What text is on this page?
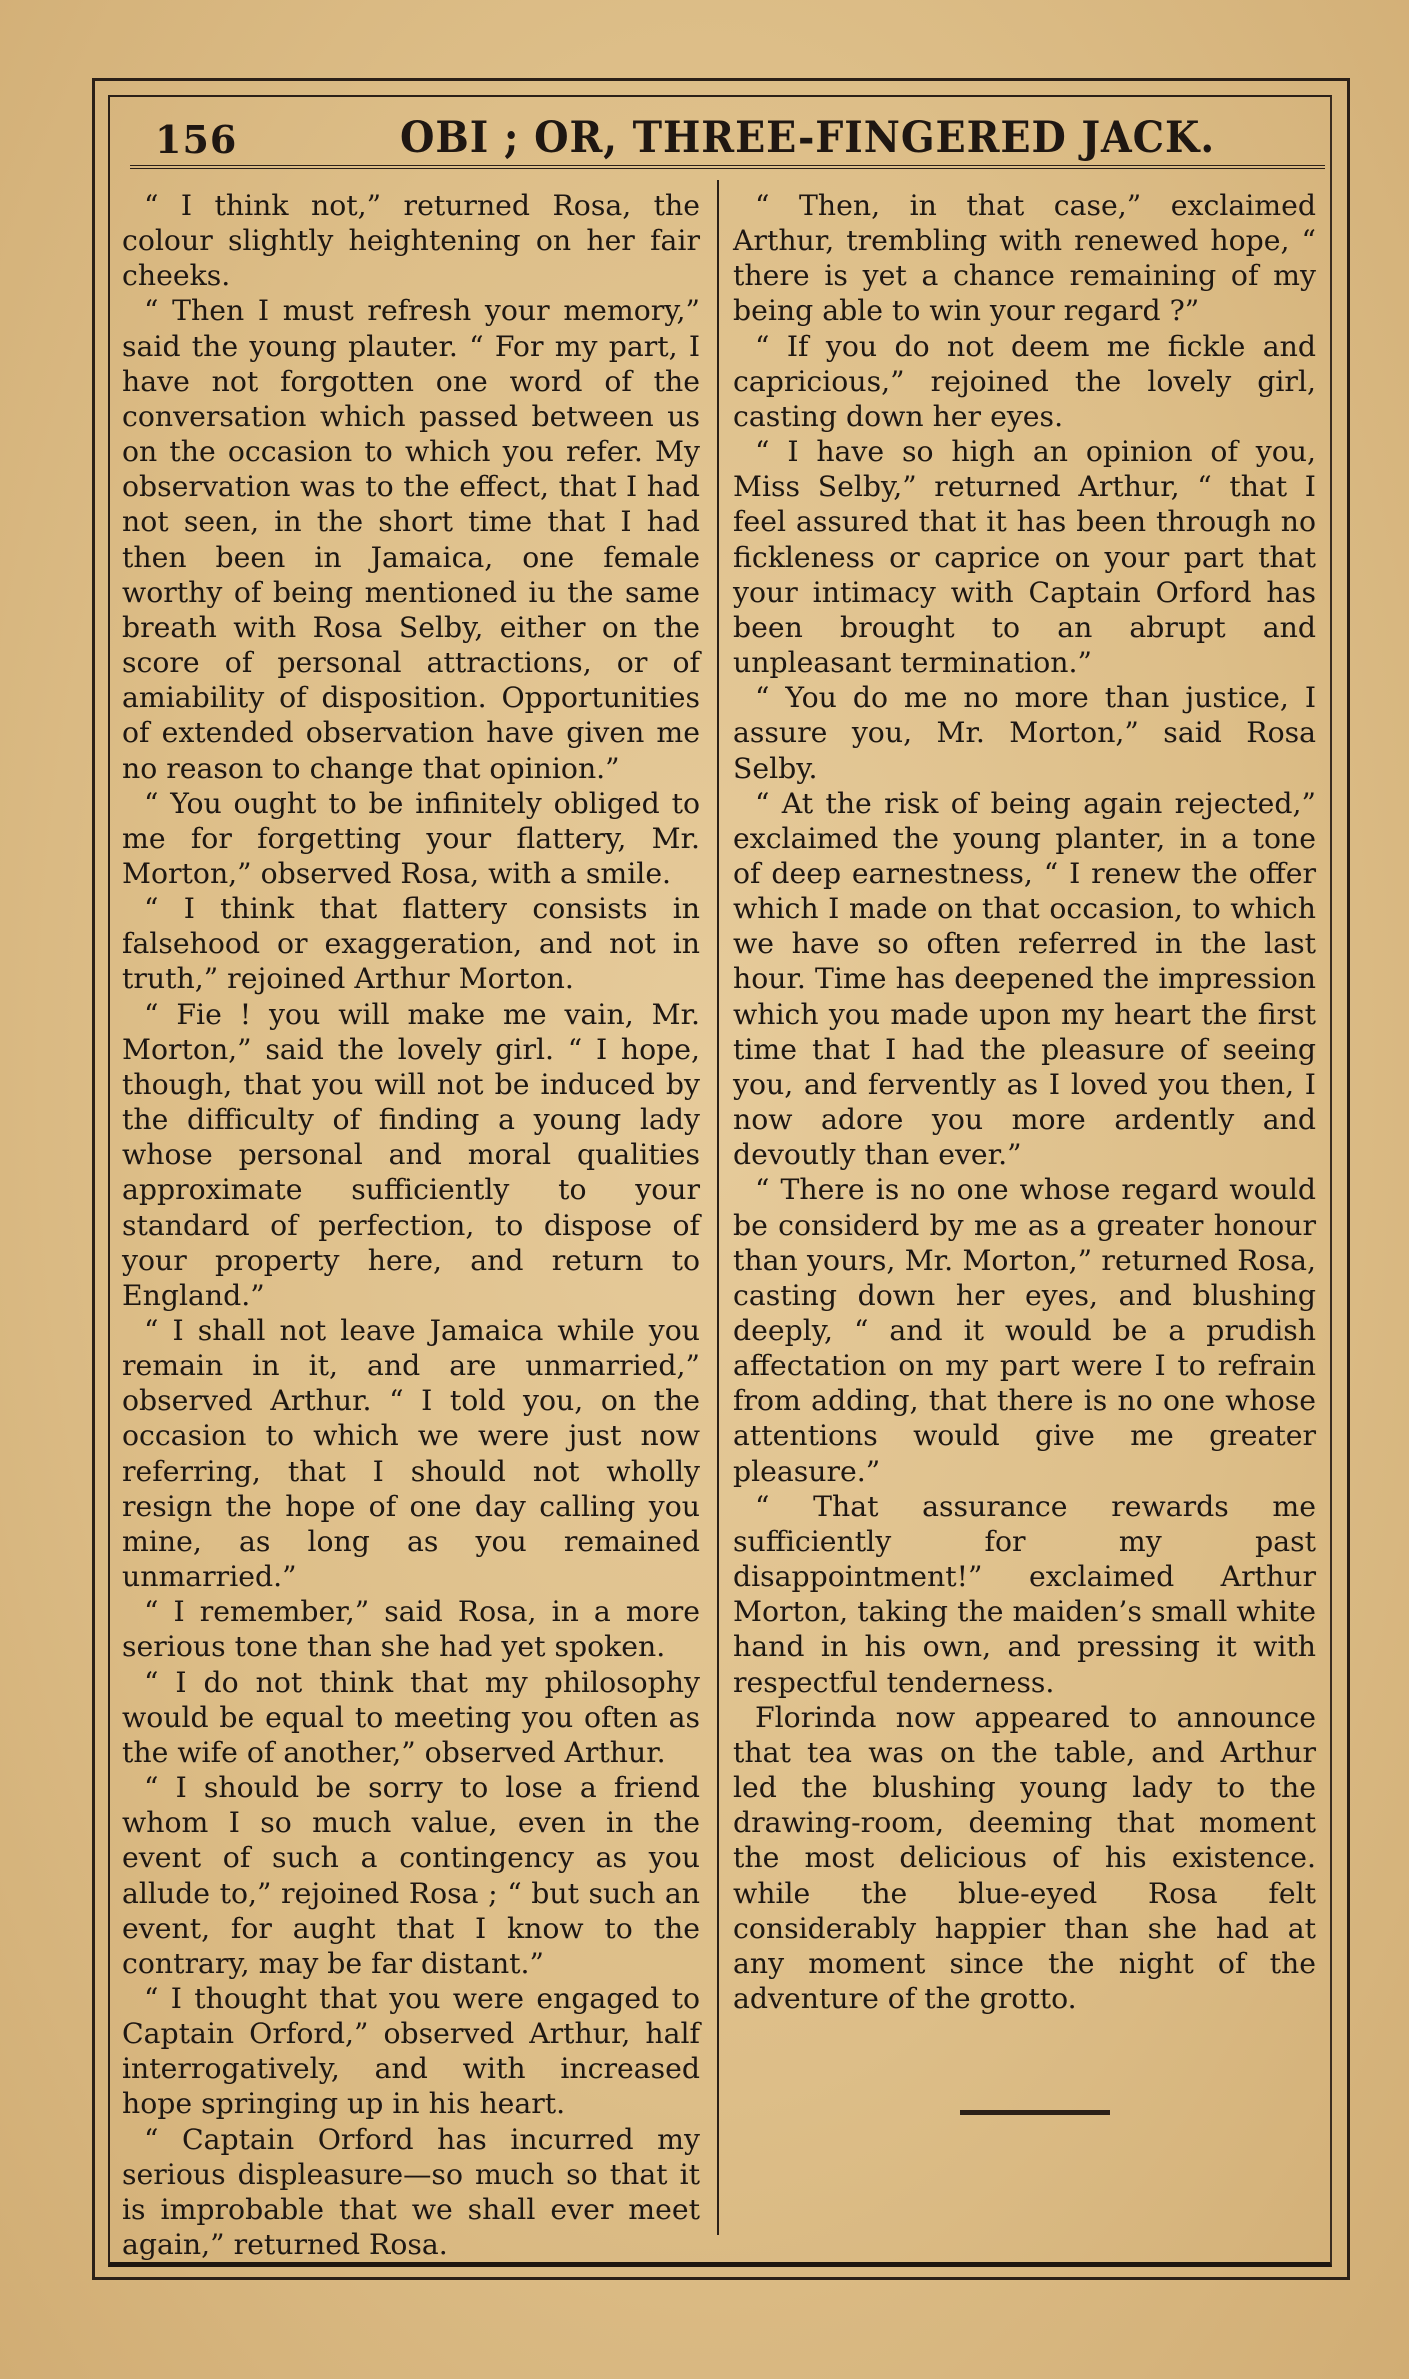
156	OBI ; OR, THREE-FINGERED JACK.

“ I think not,” returned Rosa, the colour slightly heightening on her fair cheeks.

“ Then I must refresh your memory,” said the young plauter. “ For my part, I have not forgotten one word of the conversation which passed between us on the occasion to which you refer. My observation was to the effect, that I had not seen, in the short time that I had then been in Jamaica, one female worthy of being mentioned iu the same breath with Rosa Selby, either on the score of personal attractions, or of amiability of disposition. Opportunities of extended observation have given me no reason to change that opinion.”

“ You ought to be infinitely obliged to me for forgetting your flattery, Mr. Morton,” observed Rosa, with a smile.

“ I think that flattery consists in falsehood or exaggeration, and not in truth,” rejoined Arthur Morton.

“ Fie ! you will make me vain, Mr. Morton,” said the lovely girl. “ I hope, though, that you will not be induced by the difficulty of finding a young lady whose personal and moral qualities approximate sufficiently to your standard of perfection, to dispose of your property here, and return to England.”

“ I shall not leave Jamaica while you remain in it, and are unmarried,” observed Arthur. “ I told you, on the occasion to which we were just now referring, that I should not wholly resign the hope of one day calling you mine, as long as you remained unmarried.”

“ I remember,” said Rosa, in a more serious tone than she had yet spoken.

“ I do not think that my philosophy would be equal to meeting you often as the wife of another,” observed Arthur.

“ I should be sorry to lose a friend whom I so much value, even in the event of such a contingency as you allude to,” rejoined Rosa ; “ but such an event, for aught that I know to the contrary, may be far distant.”

“ I thought that you were engaged to Captain Orford,” observed Arthur, half interrogatively, and with increased hope springing up in his heart.

“ Captain Orford has incurred my serious displeasure—so much so that it is improbable that we shall ever meet again,” returned Rosa.

“ Then, in that case,” exclaimed Arthur, trembling with renewed hope, “ there is yet a chance remaining of my being able to win your regard ?”

“ If you do not deem me fickle and capricious,” rejoined the lovely girl, casting down her eyes.

“ I have so high an opinion of you, Miss Selby,” returned Arthur, “ that I feel assured that it has been through no fickleness or caprice on your part that your intimacy with Captain Orford has been brought to an abrupt and unpleasant termination.”

“ You do me no more than justice, I assure you, Mr. Morton,” said Rosa Selby.

“ At the risk of being again rejected,” exclaimed the young planter, in a tone of deep earnestness, “ I renew the offer which I made on that occasion, to which we have so often referred in the last hour. Time has deepened the impression which you made upon my heart the first time that I had the pleasure of seeing you, and fervently as I loved you then, I now adore you more ardently and devoutly than ever.”

“ There is no one whose regard would be considerd by me as a greater honour than yours, Mr. Morton,” returned Rosa, casting down her eyes, and blushing deeply, “ and it would be a prudish affectation on my part were I to refrain from adding, that there is no one whose attentions would give me greater pleasure.”

“ That assurance rewards me sufficiently for my past disappointment!” exclaimed Arthur Morton, taking the maiden’s small white hand in his own, and pressing it with respectful tenderness.

Florinda now appeared to announce that tea was on the table, and Arthur led the blushing young lady to the drawing-room, deeming that moment the most delicious of his existence. while the blue-eyed Rosa felt considerably happier than she had at any moment since the night of the adventure of the grotto.
